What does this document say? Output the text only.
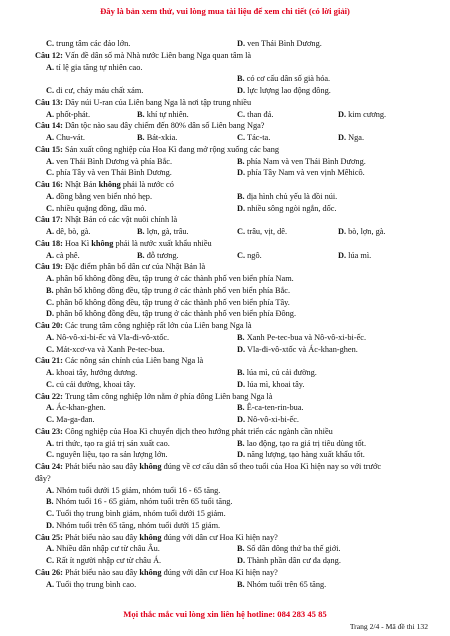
Đây là bản xem thử, vui lòng mua tài liệu để xem chi tiết (có lời giải)
C. trung tâm các đảo lớn.	D. ven Thái Bình Dương.
Câu 12: Vấn đề dân số mà Nhà nước Liên bang Nga quan tâm là
A. tỉ lệ gia tăng tự nhiên cao.
B. có cơ cấu dân số già hóa.
C. di cư, chảy máu chất xám.	D. lực lượng lao động đông.
Câu 13: Dãy núi U-ran của Liên bang Nga là nơi tập trung nhiều
A. phốt-phát.	B. khí tự nhiên.	C. than đá.	D. kim cương.
Câu 14: Dân tộc nào sau đây chiếm đến 80% dân số Liên bang Nga?
A. Chu-vát.	B. Bát-xkia.	C. Tác-ta.	D. Nga.
Câu 15: Sản xuất công nghiệp của Hoa Kì đang mở rộng xuống các bang
A. ven Thái Bình Dương và phía Bắc.	B. phía Nam và ven Thái Bình Dương.
C. phía Tây và ven Thái Bình Dương.	D. phía Tây Nam và ven vịnh Mêhicô.
Câu 16: Nhật Bản không phải là nước có
A. đồng bằng ven biển nhỏ hẹp.	B. địa hình chủ yếu là đồi núi.
C. nhiều quặng đồng, dầu mỏ.	D. nhiều sông ngòi ngắn, dốc.
Câu 17: Nhật Bản có các vật nuôi chính là
A. dê, bò, gà.	B. lợn, gà, trâu.	C. trâu, vịt, dê.	D. bò, lợn, gà.
Câu 18: Hoa Kì không phải là nước xuất khẩu nhiều
A. cà phê.	B. đỗ tương.	C. ngô.	D. lúa mì.
Câu 19: Đặc điểm phân bố dân cư của Nhật Bản là
A. phân bố không đồng đều, tập trung ở các thành phố ven biển phía Nam.
B. phân bố không đồng đều, tập trung ở các thành phố ven biển phía Bắc.
C. phân bố không đồng đều, tập trung ở các thành phố ven biển phía Tây.
D. phân bố không đồng đều, tập trung ở các thành phố ven biển phía Đông.
Câu 20: Các trung tâm công nghiệp rất lớn của Liên bang Nga là
A. Nô-vô-xi-bi-ếc và Vla-đi-vô-xtốc.	B. Xanh Pe-tec-bua và Nô-vô-xi-bi-ếc.
C. Mát-xcơ-va và Xanh Pe-tec-bua.	D. Vla-đi-vô-xtốc và Ác-khan-ghen.
Câu 21: Các nông sản chính của Liên bang Nga là
A. khoai tây, hướng dương.	B. lúa mì, củ cải đường.
C. củ cải đường, khoai tây.	D. lúa mì, khoai tây.
Câu 22: Trung tâm công nghiệp lớn nằm ở phía đông Liên bang Nga là
A. Ác-khan-ghen.	B. Ê-ca-ten-rin-bua.
C. Ma-ga-đan.	D. Nô-vô-xi-bi-ếc.
Câu 23: Công nghiệp của Hoa Kì chuyển dịch theo hướng phát triển các ngành cần nhiều
A. tri thức, tạo ra giá trị sản xuất cao.	B. lao động, tạo ra giá trị tiêu dùng tốt.
C. nguyên liệu, tạo ra sản lượng lớn.	D. năng lượng, tạo hàng xuất khẩu tốt.
Câu 24: Phát biểu nào sau đây không đúng về cơ cấu dân số theo tuổi của Hoa Kì hiện nay so với trước
đây?
A. Nhóm tuổi dưới 15 giảm, nhóm tuổi 16 - 65 tăng.
B. Nhóm tuổi 16 - 65 giảm, nhóm tuổi trên 65 tuổi tăng.
C. Tuổi thọ trung bình giảm, nhóm tuổi dưới 15 giảm.
D. Nhóm tuổi trên 65 tăng, nhóm tuổi dưới 15 giảm.
Câu 25: Phát biểu nào sau đây không đúng với dân cư Hoa Kì hiện nay?
A. Nhiều dân nhập cư từ châu Âu.	B. Số dân đông thứ ba thế giới.
C. Rất ít người nhập cư từ châu Á.	D. Thành phần dân cư đa dạng.
Câu 26: Phát biểu nào sau đây không đúng với dân cư Hoa Kì hiện nay?
A. Tuổi thọ trung bình cao.	B. Nhóm tuổi trên 65 tăng.
Mọi thắc mắc vui lòng xin liên hệ hotline: 084 283 45 85
Trang 2/4 - Mã đề thi 132
